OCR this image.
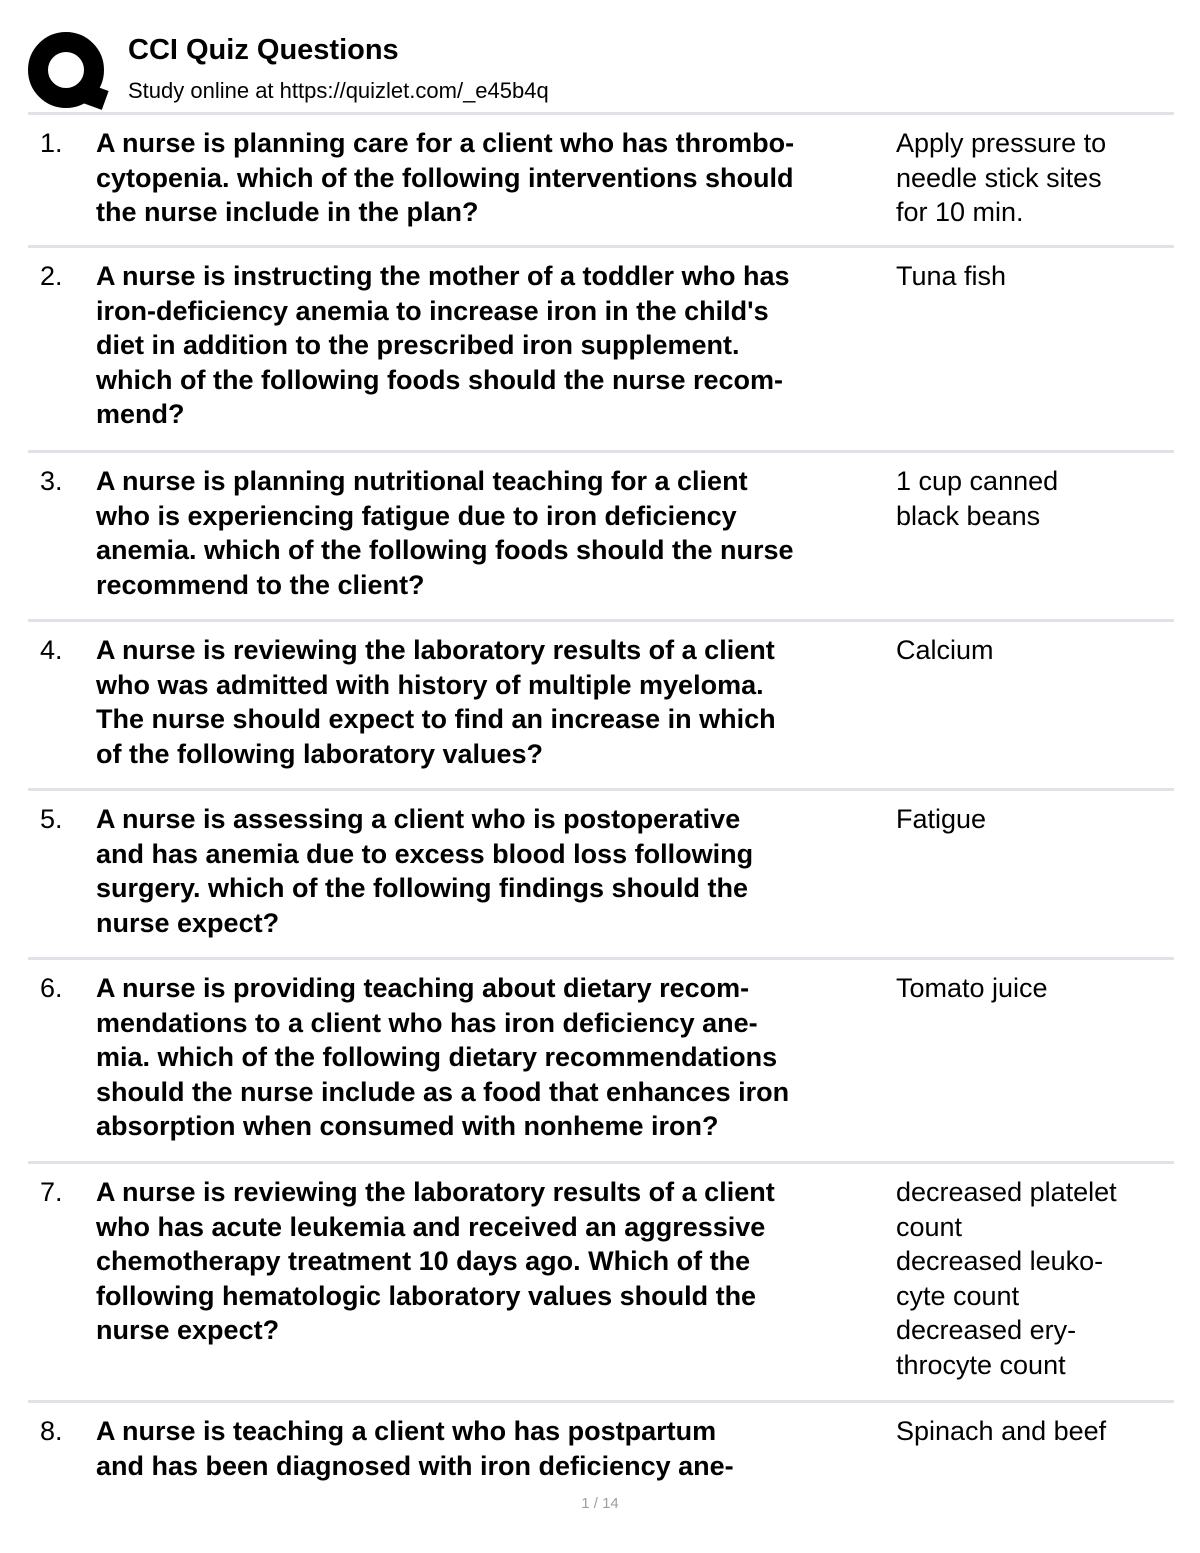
CCI Quiz Questions
Study online at https://quizlet.com/_e45b4q
1. A nurse is planning care for a client who has thrombo-
cytopenia. which of the following interventions should
the nurse include in the plan?
Apply pressure to
needle stick sites
for 10 min.
2. A nurse is instructing the mother of a toddler who has
iron-deficiency anemia to increase iron in the child's
diet in addition to the prescribed iron supplement.
which of the following foods should the nurse recom-
mend?
Tuna fish
3. A nurse is planning nutritional teaching for a client
who is experiencing fatigue due to iron deficiency
anemia. which of the following foods should the nurse
recommend to the client?
1 cup canned
black beans
4. A nurse is reviewing the laboratory results of a client
who was admitted with history of multiple myeloma.
The nurse should expect to find an increase in which
of the following laboratory values?
Calcium
5. A nurse is assessing a client who is postoperative
and has anemia due to excess blood loss following
surgery. which of the following findings should the
nurse expect?
Fatigue
6. A nurse is providing teaching about dietary recom-
mendations to a client who has iron deficiency ane-
mia. which of the following dietary recommendations
should the nurse include as a food that enhances iron
absorption when consumed with nonheme iron?
Tomato juice
7. A nurse is reviewing the laboratory results of a client
who has acute leukemia and received an aggressive
chemotherapy treatment 10 days ago. Which of the
following hematologic laboratory values should the
nurse expect?
decreased platelet
count
decreased leuko-
cyte count
decreased ery-
throcyte count
8. A nurse is teaching a client who has postpartum
and has been diagnosed with iron deficiency ane-
Spinach and beef
1 / 14
